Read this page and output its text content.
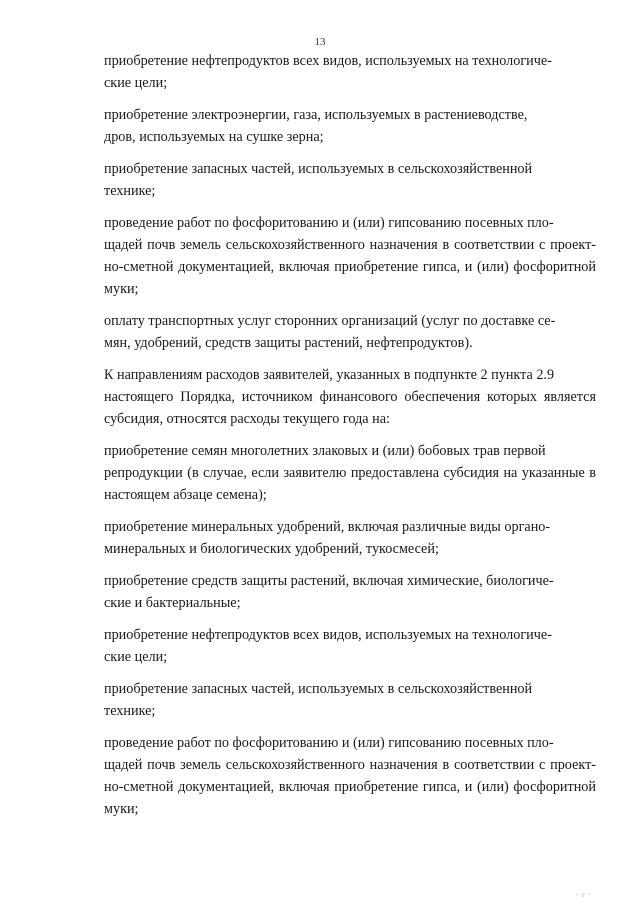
13
приобретение нефтепродуктов всех видов, используемых на технологиче-
ские цели;
приобретение электроэнергии, газа, используемых в растениеводстве,
дров, используемых на сушке зерна;
приобретение запасных частей, используемых в сельскохозяйственной
технике;
проведение работ по фосфоритованию и (или) гипсованию посевных пло-
щадей почв земель сельскохозяйственного назначения в соответствии с проект- но-сметной документацией, включая приобретение гипса, и (или) фосфоритной муки;
оплату транспортных услуг сторонних организаций (услуг по доставке се-
мян, удобрений, средств защиты растений, нефтепродуктов).
К направлениям расходов заявителей, указанных в подпункте 2 пункта 2.9
настоящего Порядка, источником финансового обеспечения которых является субсидия, относятся расходы текущего года на:
приобретение семян многолетних злаковых и (или) бобовых трав первой
репродукции (в случае, если заявителю предоставлена субсидия на указанные в настоящем абзаце семена);
приобретение минеральных удобрений, включая различные виды органо-
минеральных и биологических удобрений, тукосмесей;
приобретение средств защиты растений, включая химические, биологиче-
ские и бактериальные;
приобретение нефтепродуктов всех видов, используемых на технологиче-
ские цели;
приобретение запасных частей, используемых в сельскохозяйственной
технике;
проведение работ по фосфоритованию и (или) гипсованию посевных пло-
щадей почв земель сельскохозяйственного назначения в соответствии с проект- но-сметной документацией, включая приобретение гипса, и (или) фосфоритной муки;
· г ·
